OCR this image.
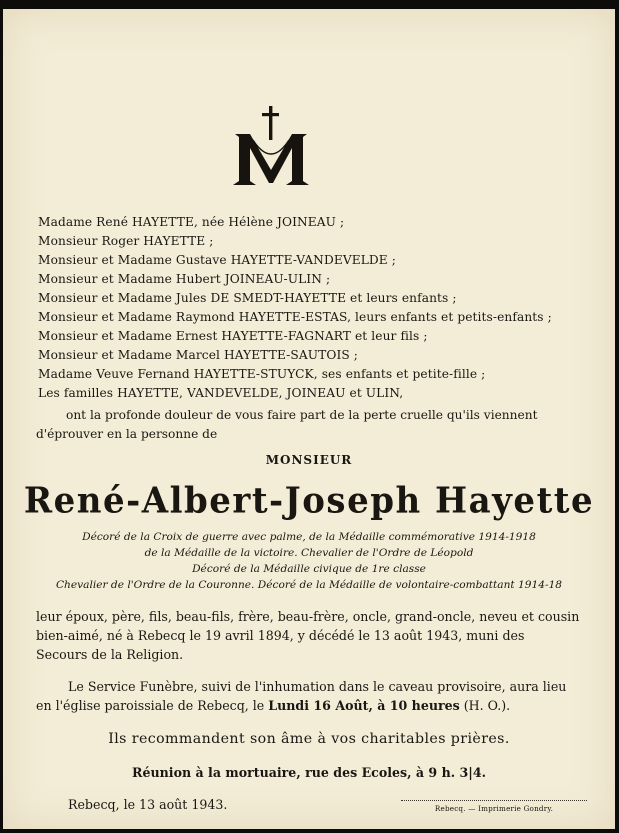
Madame René HAYETTE, née Hélène JOINEAU ;
Monsieur Roger HAYETTE ;
Monsieur et Madame Gustave HAYETTE-VANDEVELDE ;
Monsieur et Madame Hubert JOINEAU-ULIN ;
Monsieur et Madame Jules DE SMEDT-HAYETTE et leurs enfants ;
Monsieur et Madame Raymond HAYETTE-ESTAS, leurs enfants et petits-enfants ;
Monsieur et Madame Ernest HAYETTE-FAGNART et leur fils ;
Monsieur et Madame Marcel HAYETTE-SAUTOIS ;
Madame Veuve Fernand HAYETTE-STUYCK, ses enfants et petite-fille ;
Les familles HAYETTE, VANDEVELDE, JOINEAU et ULIN,
ont la profonde douleur de vous faire part de la perte cruelle qu'ils viennent
d'éprouver en la personne de
MONSIEUR
René-Albert-Joseph Hayette
Décoré de la Croix de guerre avec palme, de la Médaille commémorative 1914-1918
de la Médaille de la victoire. Chevalier de l'Ordre de Léopold
Décoré de la Médaille civique de 1re classe
Chevalier de l'Ordre de la Couronne. Décoré de la Médaille de volontaire-combattant 1914-18
leur époux, père, fils, beau-fils, frère, beau-frère, oncle, grand-oncle, neveu et cousin
bien-aimé, né à Rebecq le 19 avril 1894, y décédé le 13 août 1943, muni des
Secours de la Religion.
Le Service Funèbre, suivi de l'inhumation dans le caveau provisoire, aura lieu
en l'église paroissiale de Rebecq, le Lundi 16 Août, à 10 heures (H. O.).
Ils recommandent son âme à vos charitables prières.
Réunion à la mortuaire, rue des Ecoles, à 9 h. 3|4.
Rebecq, le 13 août 1943.	Rebecq. — Imprimerie Gondry.
